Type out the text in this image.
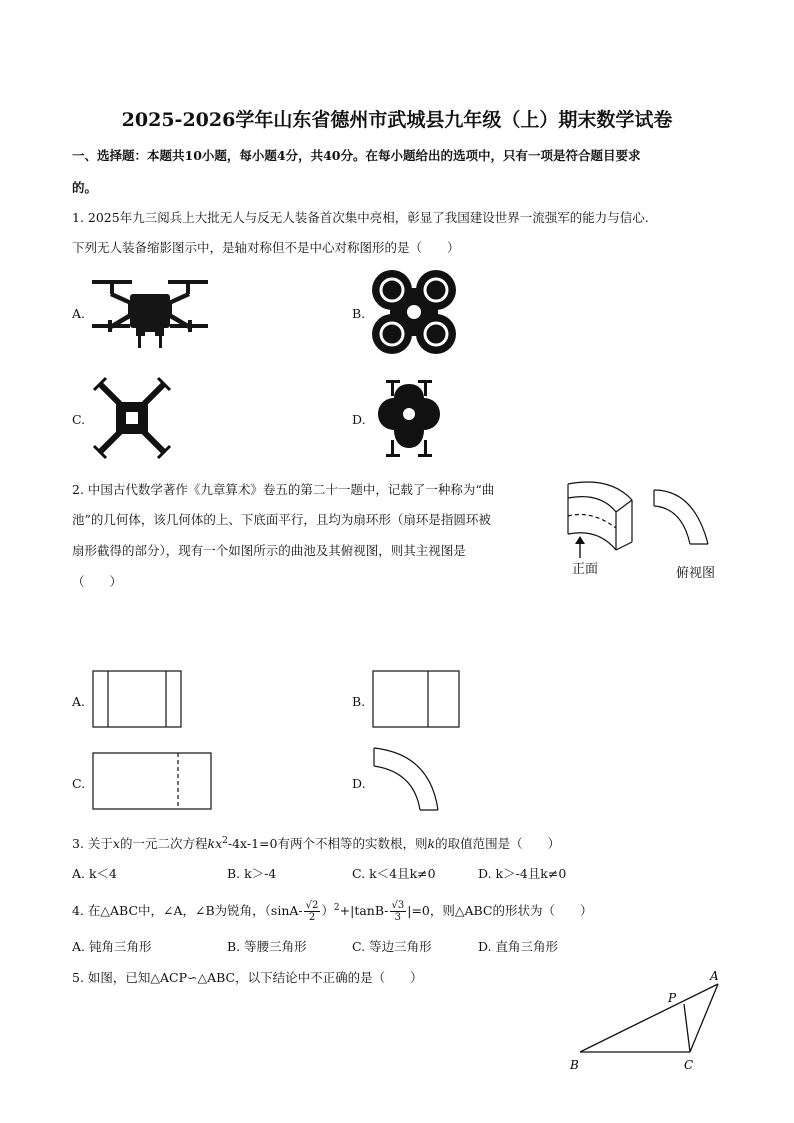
2025-2026学年山东省德州市武城县九年级（上）期末数学试卷
一、选择题：本题共10小题，每小题4分，共40分。在每小题给出的选项中，只有一项是符合题目要求
的。
1. 2025年九三阅兵上大批无人与反无人装备首次集中亮相，彰显了我国建设世界一流强军的能力与信心.
下列无人装备缩影图示中，是轴对称但不是中心对称图形的是（　　）
A.	B.
C.	D.
2. 中国古代数学著作《九章算术》卷五的第二十一题中，记载了一种称为“曲
池”的几何体，该几何体的上、下底面平行，且均为扇环形（扇环是指圆环被
扇形截得的部分），现有一个如图所示的曲池及其俯视图，则其主视图是
（　　）
正面	俯视图
A.	B.
C.	D.
3. 关于x的一元二次方程$kx^2-4x-1=0$有两个不相等的实数根，则k的取值范围是（　　）
A. k＜4	B. k＞-4	C. k＜4且k≠0	D. k＞-4且k≠0
4. 在△ABC中，∠A，∠B为锐角，$(\sin A- \frac{√2}{2} )^2+|\tan B- \frac{√3}{3} |=0$，则△ABC的形状为（　　）
A. 钝角三角形	B. 等腰三角形	C. 等边三角形	D. 直角三角形
5. 如图，已知△ACP∽△ABC，以下结论中不正确的是（　　）	A
P
B	C
